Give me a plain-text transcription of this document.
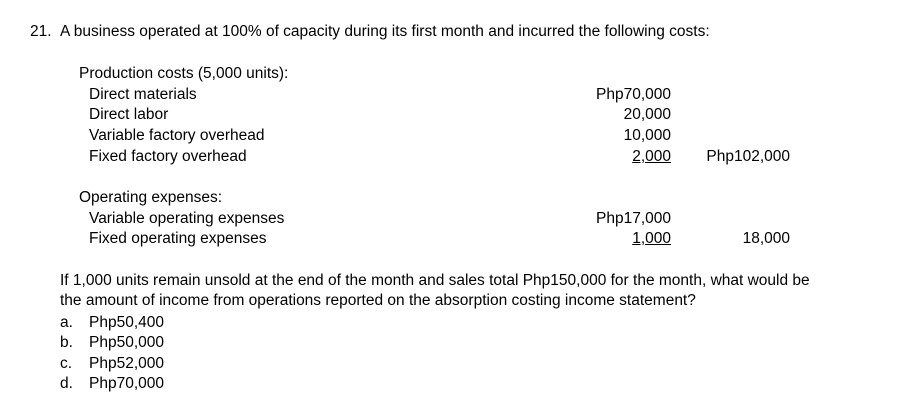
21. A business operated at 100% of capacity during its first month and incurred the following costs:
Production costs (5,000 units):
Direct materials	Php70,000
Direct labor	20,000
Variable factory overhead	10,000
Fixed factory overhead	2,000	Php102,000
Operating expenses:
Variable operating expenses	Php17,000
Fixed operating expenses	1,000	18,000
If 1,000 units remain unsold at the end of the month and sales total Php150,000 for the month, what would be
the amount of income from operations reported on the absorption costing income statement?
a. Php50,400
b. Php50,000
c. Php52,000
d. Php70,000
